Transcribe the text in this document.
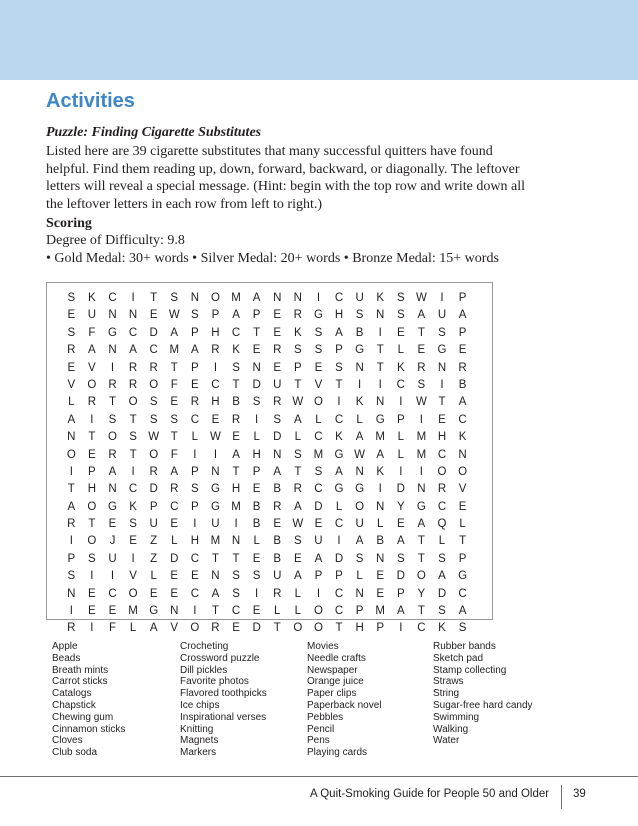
Activities

Puzzle: Finding Cigarette Substitutes

Listed here are 39 cigarette substitutes that many successful quitters have found helpful. Find them reading up, down, forward, backward, or diagonally. The leftover letters will reveal a special message. (Hint: begin with the top row and write down all the leftover letters in each row from left to right.)

Scoring

Degree of Difficulty: 9.8

• Gold Medal: 30+ words • Silver Medal: 20+ words • Bronze Medal: 15+ words

S	K	C	I	T	S	N	O M	A	N	N	I	C	U	K	S W	I	P
E	U	N	N	E W S	P	A	P	E	R	G	H	S	N	S	A	U	A
S	F	G	C	D	A	P	H	C	T	E	K	S	A	B	I	E	T	S	P
R	A	N	A	C	M	A	R	K	E	R	S	S	P	G	T	L	E	G	E
E	V	I	R	R	T	P	I	S	N	E	P	E	S	N	T	K	R	N	R
V	O	R	R	O	F	E	C	T	D	U	T	V	T	I	I	C	S	I	B
L	R	T	O	S	E	R	H	B	S	R W O	I	K	N	I	W	T	A
A	I	S	T	S	S	C	E	R	I	S	A	L	C	L	G	P	I	E	C
N	T	O	S W	T	L	W E	L	D	L	C	K	A	M	L	M	H	K
O	E	R	T	O	F	I	I	A	H	N	S	M G W A	L	M	C	N
I	P	A	I	R	A	P	N	T	P	A	T	S	A	N	K	I	I	O	O
T	H	N	C	D	R	S	G	H	E	B	R	C	G	G	I	D	N	R	V
A	O	G	K	P	C	P	G M	B	R	A	D	L	O	N	Y	G	C	E
R	T	E	S	U	E	I	U	I	B	E W E	C	U	L	E	A	Q	L
I	O	J	E	Z	L	H	M	N	L	B	S	U	I	A	B	A	T	L	T
P	S	U	I	Z	D	C	T	T	E	B	E	A	D	S	N	S	T	S	P
S	I	I	V	L	E	E	N	S	S	U	A	P	P	L	E	D	O	A	G
N	E	C	O	E	E	C	A	S	I	R	L	I	C	N	E	P	Y	D	C
I	E	E	M G	N	I	T	C	E	L	L	O	C	P	M	A	T	S	A
R	I	F	L	A	V	O	R	E	D	T	O	O	T	H	P	I	C	K	S
Apple
Beads
Breath mints
Carrot sticks
Catalogs
Chapstick
Chewing gum
Cinnamon sticks
Cloves
Club soda
Crocheting
Crossword puzzle
Dill pickles
Favorite photos
Flavored toothpicks
Ice chips
Inspirational verses
Knitting
Magnets
Markers
Movies
Needle crafts
Newspaper
Orange juice
Paper clips
Paperback novel
Pebbles
Pencil
Pens
Playing cards
Rubber bands
Sketch pad
Stamp collecting
Straws
String
Sugar-free hard candy
Swimming
Walking
Water

A Quit-Smoking Guide for People 50 and Older 39
